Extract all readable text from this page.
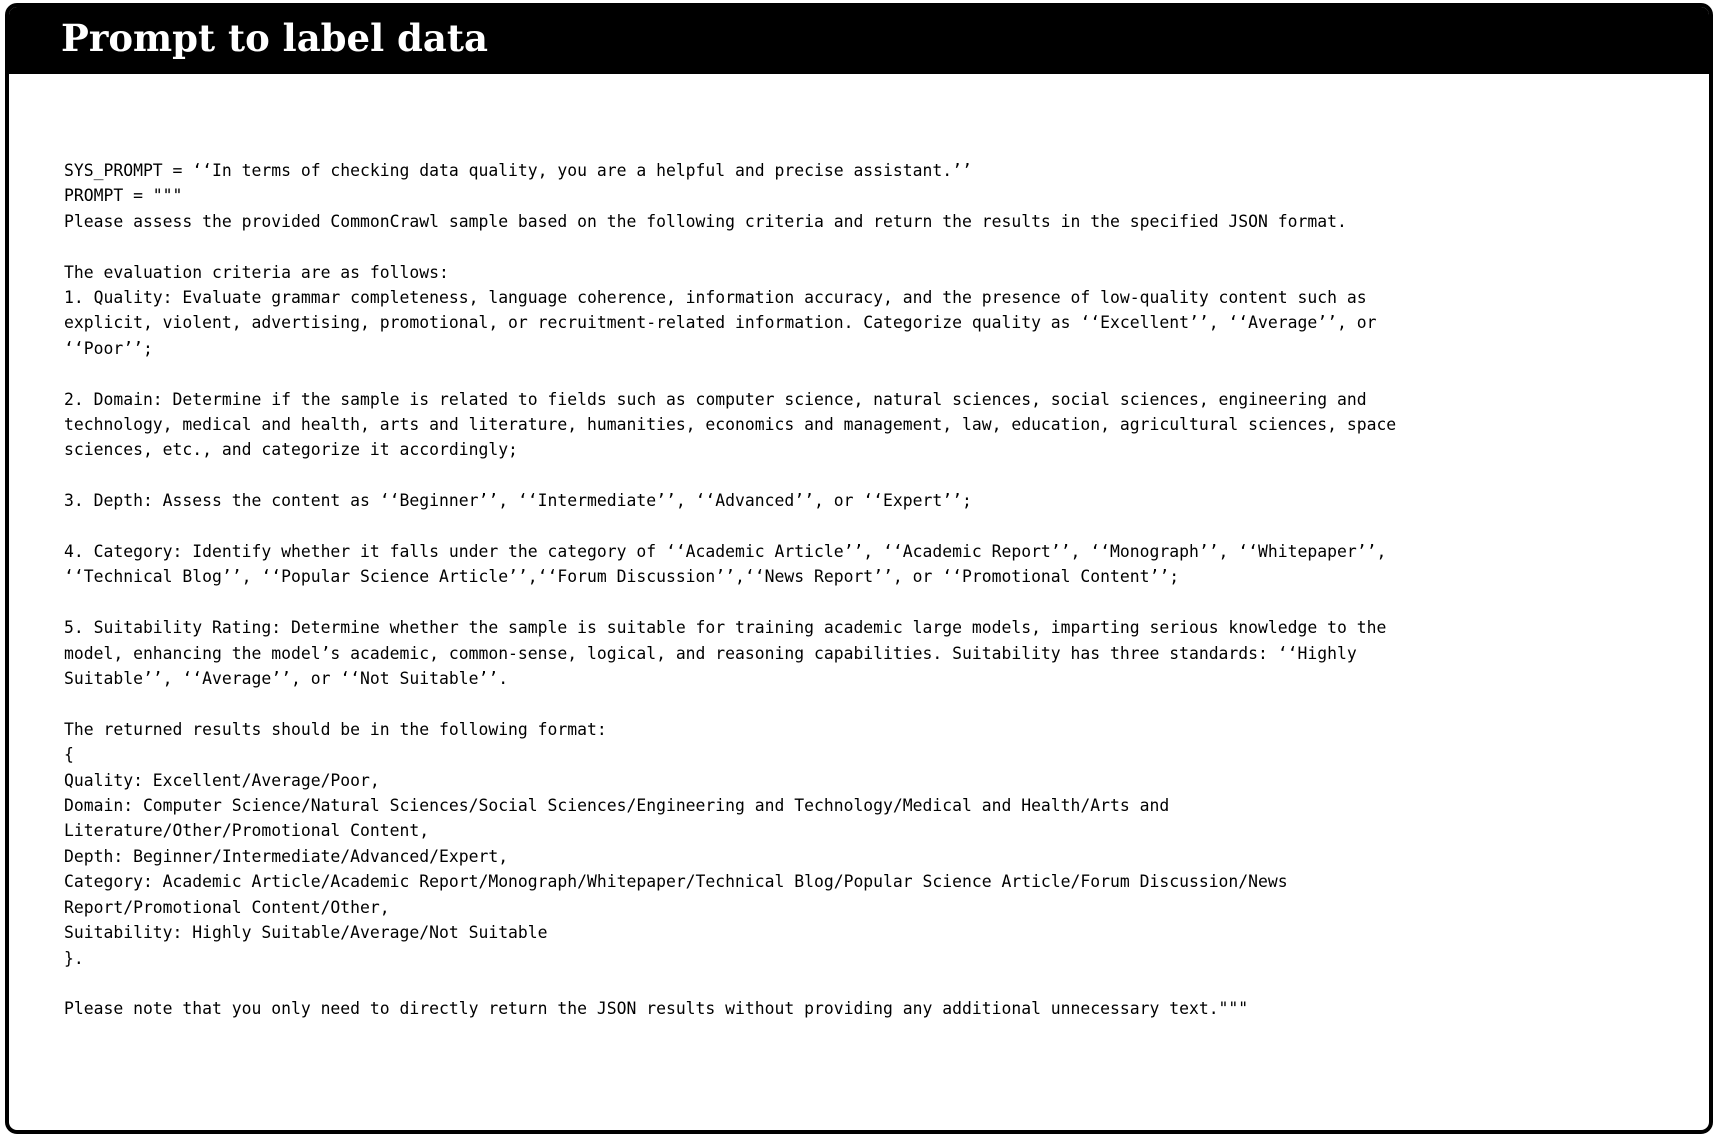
Prompt to label data
SYS_PROMPT = ‘‘In terms of checking data quality, you are a helpful and precise assistant.’’
PROMPT = """
Please assess the provided CommonCrawl sample based on the following criteria and return the results in the specified JSON format.
The evaluation criteria are as follows:
1. Quality: Evaluate grammar completeness, language coherence, information accuracy, and the presence of low-quality content such as
explicit, violent, advertising, promotional, or recruitment-related information. Categorize quality as ‘‘Excellent’’, ‘‘Average’’, or
‘‘Poor’’;
2. Domain: Determine if the sample is related to fields such as computer science, natural sciences, social sciences, engineering and
technology, medical and health, arts and literature, humanities, economics and management, law, education, agricultural sciences, space
sciences, etc., and categorize it accordingly;
3. Depth: Assess the content as ‘‘Beginner’’, ‘‘Intermediate’’, ‘‘Advanced’’, or ‘‘Expert’’;
4. Category: Identify whether it falls under the category of ‘‘Academic Article’’, ‘‘Academic Report’’, ‘‘Monograph’’, ‘‘Whitepaper’’,
‘‘Technical Blog’’, ‘‘Popular Science Article’’,‘‘Forum Discussion’’,‘‘News Report’’, or ‘‘Promotional Content’’;
5. Suitability Rating: Determine whether the sample is suitable for training academic large models, imparting serious knowledge to the
model, enhancing the model’s academic, common-sense, logical, and reasoning capabilities. Suitability has three standards: ‘‘Highly
Suitable’’, ‘‘Average’’, or ‘‘Not Suitable’’.
The returned results should be in the following format:
{
Quality: Excellent/Average/Poor,
Domain: Computer Science/Natural Sciences/Social Sciences/Engineering and Technology/Medical and Health/Arts and
Literature/Other/Promotional Content,
Depth: Beginner/Intermediate/Advanced/Expert,
Category: Academic Article/Academic Report/Monograph/Whitepaper/Technical Blog/Popular Science Article/Forum Discussion/News
Report/Promotional Content/Other,
Suitability: Highly Suitable/Average/Not Suitable
}.
Please note that you only need to directly return the JSON results without providing any additional unnecessary text."""
